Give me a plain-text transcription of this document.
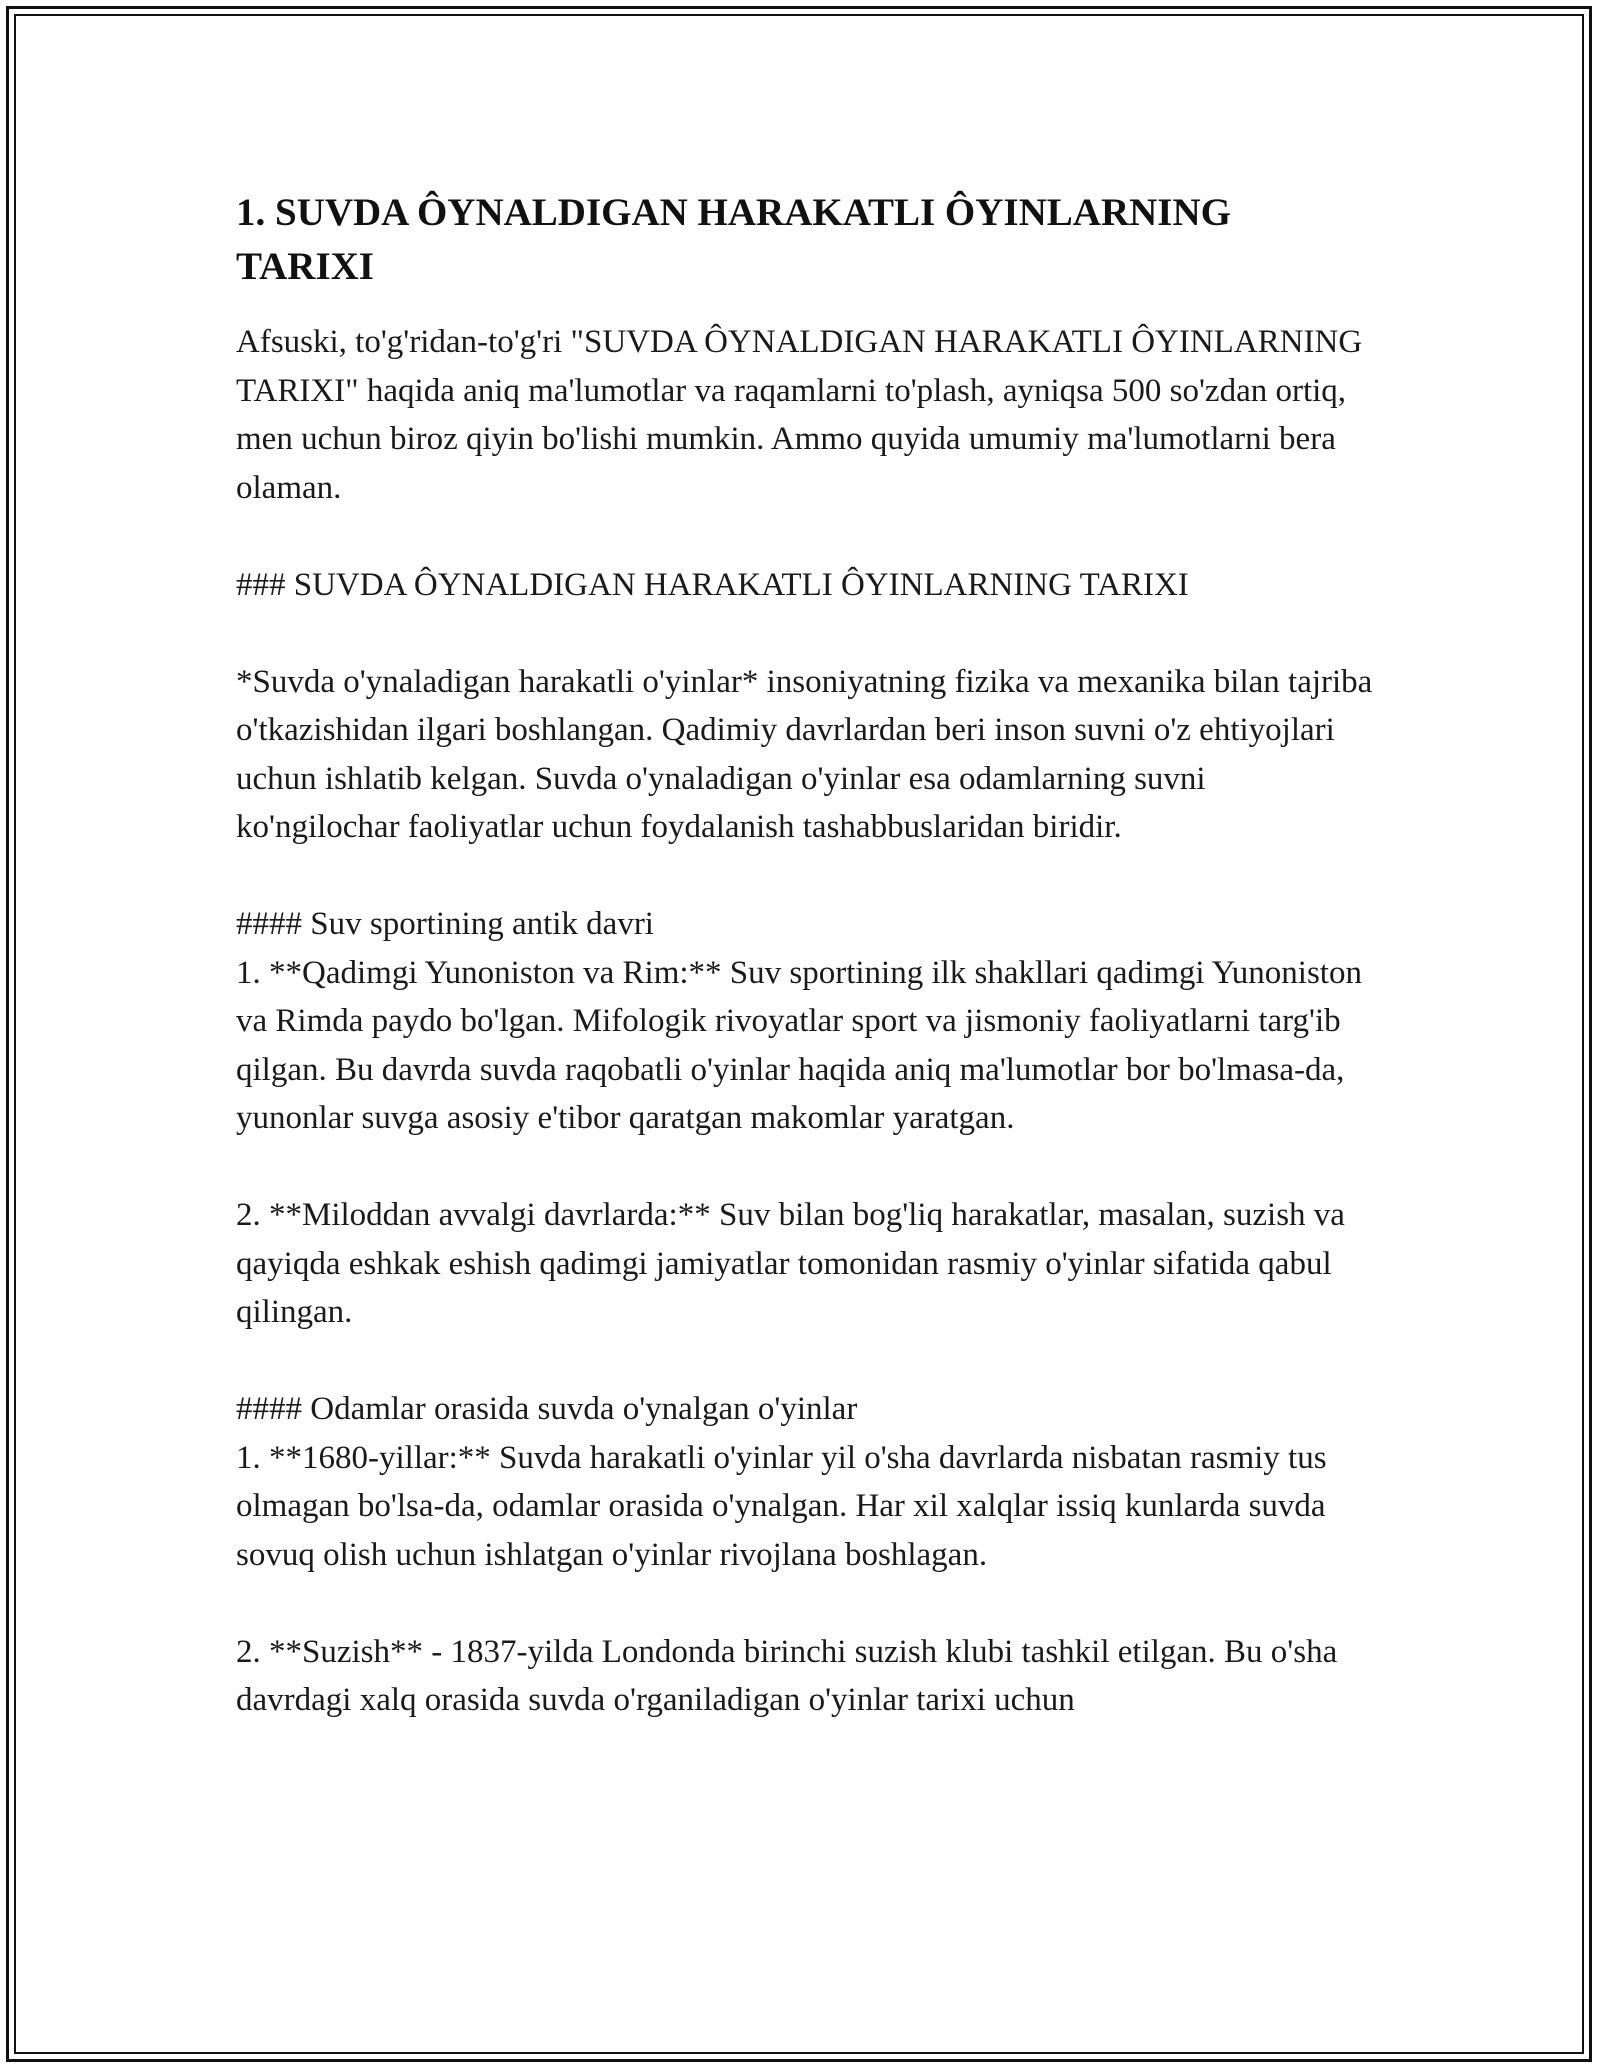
1. SUVDA ÔYNALDIGAN HARAKATLI ÔYINLARNING TARIXI

Afsuski, to'g'ridan-to'g'ri "SUVDA ÔYNALDIGAN HARAKATLI ÔYINLARNING TARIXI" haqida aniq ma'lumotlar va raqamlarni to'plash, ayniqsa 500 so'zdan ortiq, men uchun biroz qiyin bo'lishi mumkin. Ammo quyida umumiy ma'lumotlarni bera olaman.

### SUVDA ÔYNALDIGAN HARAKATLI ÔYINLARNING TARIXI

*Suvda o'ynaladigan harakatli o'yinlar* insoniyatning fizika va mexanika bilan tajriba o'tkazishidan ilgari boshlangan. Qadimiy davrlardan beri inson suvni o'z ehtiyojlari uchun ishlatib kelgan. Suvda o'ynaladigan o'yinlar esa odamlarning suvni ko'ngilochar faoliyatlar uchun foydalanish tashabbuslaridan biridir.

#### Suv sportining antik davri

1. **Qadimgi Yunoniston va Rim:** Suv sportining ilk shakllari qadimgi Yunoniston va Rimda paydo bo'lgan. Mifologik rivoyatlar sport va jismoniy faoliyatlarni targ'ib qilgan. Bu davrda suvda raqobatli o'yinlar haqida aniq ma'lumotlar bor bo'lmasa-da, yunonlar suvga asosiy e'tibor qaratgan makomlar yaratgan.

2. **Miloddan avvalgi davrlarda:** Suv bilan bog'liq harakatlar, masalan, suzish va qayiqda eshkak eshish qadimgi jamiyatlar tomonidan rasmiy o'yinlar sifatida qabul qilingan.

#### Odamlar orasida suvda o'ynalgan o'yinlar

1. **1680-yillar:** Suvda harakatli o'yinlar yil o'sha davrlarda nisbatan rasmiy tus olmagan bo'lsa-da, odamlar orasida o'ynalgan. Har xil xalqlar issiq kunlarda suvda sovuq olish uchun ishlatgan o'yinlar rivojlana boshlagan.

2. **Suzish** - 1837-yilda Londonda birinchi suzish klubi tashkil etilgan. Bu o'sha davrdagi xalq orasida suvda o'rganiladigan o'yinlar tarixi uchun
